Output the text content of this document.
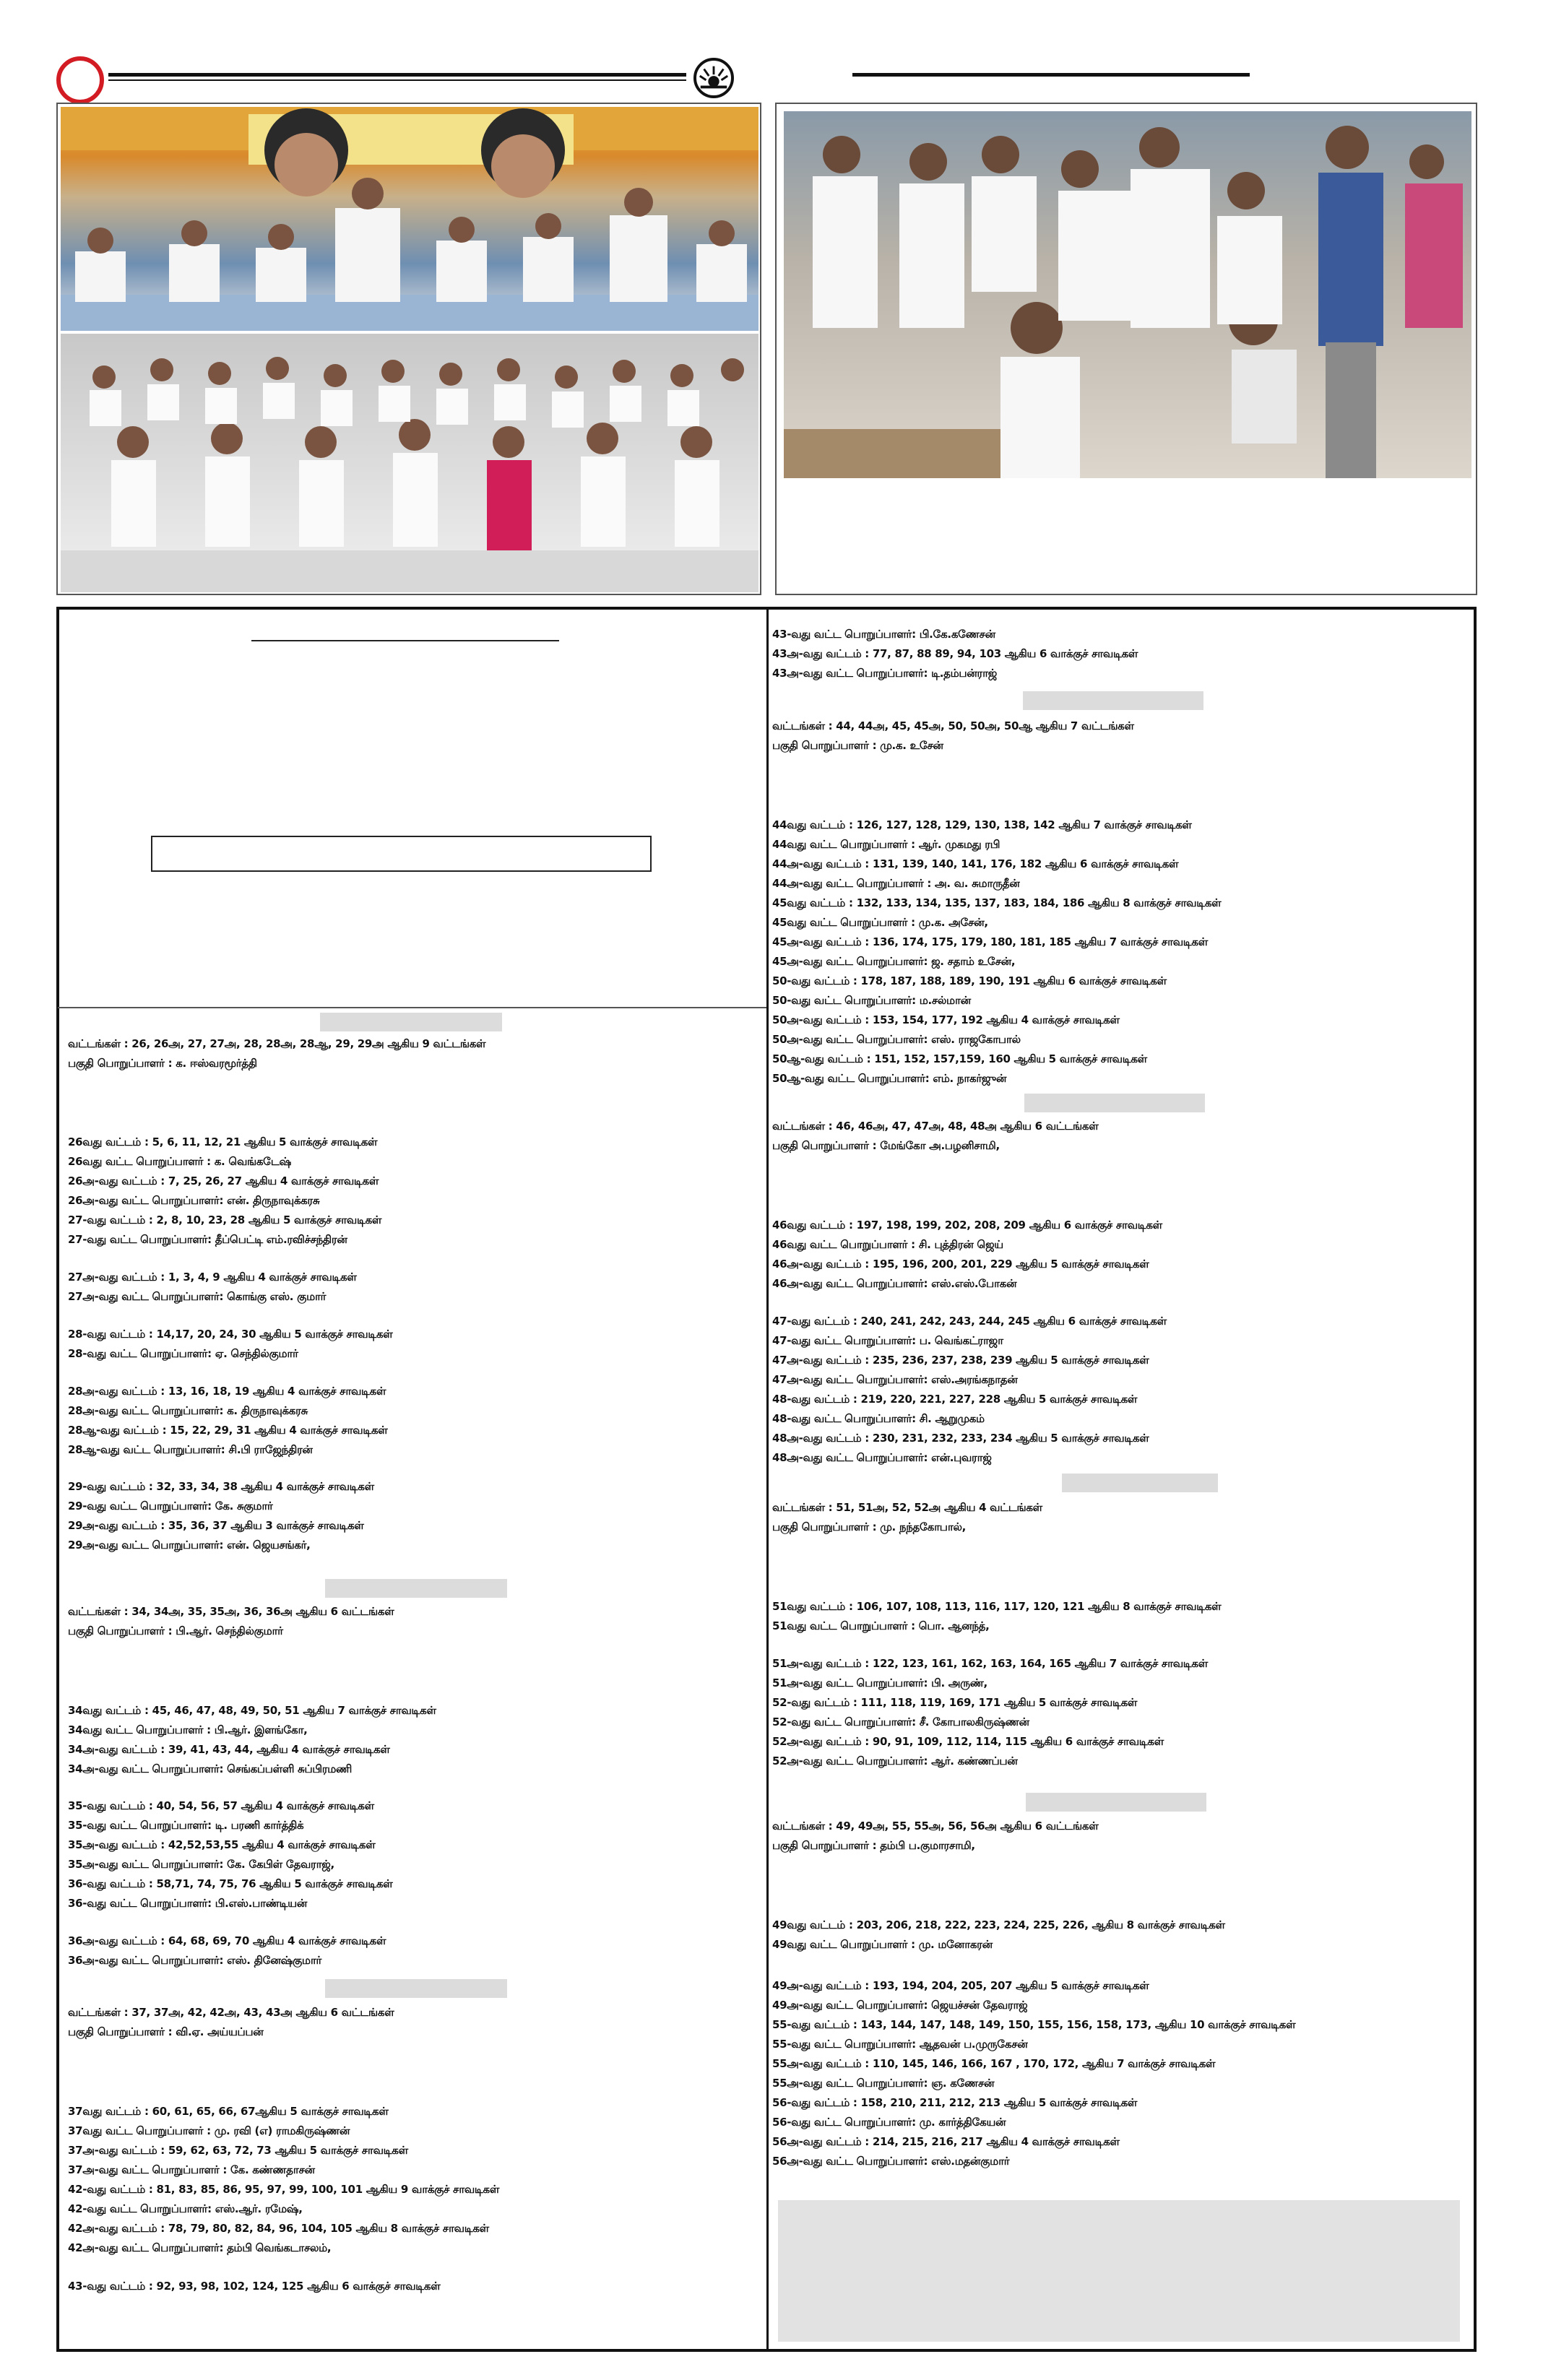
வட்டங்கள் : 26, 26அ, 27, 27அ, 28, 28அ, 28ஆ, 29, 29அ ஆகிய 9 வட்டங்கள்
பகுதி பொறுப்பாளர் : க. ஈஸ்வரமூர்த்தி
26வது வட்டம் : 5, 6, 11, 12, 21 ஆகிய 5 வாக்குச் சாவடிகள்
26வது வட்ட பொறுப்பாளர் : க. வெங்கடேஷ்
26அ-வது வட்டம் : 7, 25, 26, 27 ஆகிய 4 வாக்குச் சாவடிகள்
26அ-வது வட்ட பொறுப்பாளர்: என். திருநாவுக்கரசு
27-வது வட்டம் : 2, 8, 10, 23, 28 ஆகிய 5 வாக்குச் சாவடிகள்
27-வது வட்ட பொறுப்பாளர்: தீப்பெட்டி எம்.ரவிச்சந்திரன்
27அ-வது வட்டம் : 1, 3, 4, 9 ஆகிய 4 வாக்குச் சாவடிகள்
27அ-வது வட்ட பொறுப்பாளர்: கொங்கு எஸ். குமார்
28-வது வட்டம் : 14,17, 20, 24, 30 ஆகிய 5 வாக்குச் சாவடிகள்
28-வது வட்ட பொறுப்பாளர்: ஏ. செந்தில்குமார்
28அ-வது வட்டம் : 13, 16, 18, 19 ஆகிய 4 வாக்குச் சாவடிகள்
28அ-வது வட்ட பொறுப்பாளர்: க. திருநாவுக்கரசு
28ஆ-வது வட்டம் : 15, 22, 29, 31 ஆகிய 4 வாக்குச் சாவடிகள்
28ஆ-வது வட்ட பொறுப்பாளர்: சி.பி ராஜேந்திரன்
29-வது வட்டம் : 32, 33, 34, 38 ஆகிய 4 வாக்குச் சாவடிகள்
29-வது வட்ட பொறுப்பாளர்: கே. சுகுமார்
29அ-வது வட்டம் : 35, 36, 37 ஆகிய 3 வாக்குச் சாவடிகள்
29அ-வது வட்ட பொறுப்பாளர்: என். ஜெயசங்கர்,
வட்டங்கள் : 34, 34அ, 35, 35அ, 36, 36அ ஆகிய 6 வட்டங்கள்
பகுதி பொறுப்பாளர் : பி.ஆர். செந்தில்குமார்
34வது வட்டம் : 45, 46, 47, 48, 49, 50, 51 ஆகிய 7 வாக்குச் சாவடிகள்
34வது வட்ட பொறுப்பாளர் : பி.ஆர். இளங்கோ,
34அ-வது வட்டம் : 39, 41, 43, 44, ஆகிய 4 வாக்குச் சாவடிகள்
34அ-வது வட்ட பொறுப்பாளர்: செங்கப்பள்ளி சுப்பிரமணி
35-வது வட்டம் : 40, 54, 56, 57 ஆகிய 4 வாக்குச் சாவடிகள்
35-வது வட்ட பொறுப்பாளர்: டி. பரணி கார்த்திக்
35அ-வது வட்டம் : 42,52,53,55 ஆகிய 4 வாக்குச் சாவடிகள்
35அ-வது வட்ட பொறுப்பாளர்: கே. கேபிள் தேவராஜ்,
36-வது வட்டம் : 58,71, 74, 75, 76 ஆகிய 5 வாக்குச் சாவடிகள்
36-வது வட்ட பொறுப்பாளர்: பி.எஸ்.பாண்டியன்
36அ-வது வட்டம் : 64, 68, 69, 70 ஆகிய 4 வாக்குச் சாவடிகள்
36அ-வது வட்ட பொறுப்பாளர்: எஸ். தினேஷ்குமார்
வட்டங்கள் : 37, 37அ, 42, 42அ, 43, 43அ ஆகிய 6 வட்டங்கள்
பகுதி பொறுப்பாளர் : வி.ஏ. அய்யப்பன்
37வது வட்டம் : 60, 61, 65, 66, 67ஆகிய 5 வாக்குச் சாவடிகள்
37வது வட்ட பொறுப்பாளர் : மு. ரவி (எ) ராமகிருஷ்ணன்
37அ-வது வட்டம் : 59, 62, 63, 72, 73 ஆகிய 5 வாக்குச் சாவடிகள்
37அ-வது வட்ட பொறுப்பாளர் : கே. கண்ணதாசன்
42-வது வட்டம் : 81, 83, 85, 86, 95, 97, 99, 100, 101 ஆகிய 9 வாக்குச் சாவடிகள்
42-வது வட்ட பொறுப்பாளர்: எஸ்.ஆர். ரமேஷ்,
42அ-வது வட்டம் : 78, 79, 80, 82, 84, 96, 104, 105 ஆகிய 8 வாக்குச் சாவடிகள்
42அ-வது வட்ட பொறுப்பாளர்: தம்பி வெங்கடாசலம்,
43-வது வட்டம் : 92, 93, 98, 102, 124, 125 ஆகிய 6 வாக்குச் சாவடிகள்
43-வது வட்ட பொறுப்பாளர்: பி.கே.கணேசன்
43அ-வது வட்டம் : 77, 87, 88 89, 94, 103 ஆகிய 6 வாக்குச் சாவடிகள்
43அ-வது வட்ட பொறுப்பாளர்: டி.தம்பன்ராஜ்
வட்டங்கள் : 44, 44அ, 45, 45அ, 50, 50அ, 50ஆ ஆகிய 7 வட்டங்கள்
பகுதி பொறுப்பாளர் : மு.க. உசேன்
44வது வட்டம் : 126, 127, 128, 129, 130, 138, 142 ஆகிய 7 வாக்குச் சாவடிகள்
44வது வட்ட பொறுப்பாளர் : ஆர். முகமது ரபி
44அ-வது வட்டம் : 131, 139, 140, 141, 176, 182 ஆகிய 6 வாக்குச் சாவடிகள்
44அ-வது வட்ட பொறுப்பாளர் : அ. வ. சுமாருதீன்
45வது வட்டம் : 132, 133, 134, 135, 137, 183, 184, 186 ஆகிய 8 வாக்குச் சாவடிகள்
45வது வட்ட பொறுப்பாளர் : மு.க. அசேன்,
45அ-வது வட்டம் : 136, 174, 175, 179, 180, 181, 185 ஆகிய 7 வாக்குச் சாவடிகள்
45அ-வது வட்ட பொறுப்பாளர்: ஜ. சதாம் உசேன்,
50-வது வட்டம் : 178, 187, 188, 189, 190, 191 ஆகிய 6 வாக்குச் சாவடிகள்
50-வது வட்ட பொறுப்பாளர்: ம.சல்மான்
50அ-வது வட்டம் : 153, 154, 177, 192 ஆகிய 4 வாக்குச் சாவடிகள்
50அ-வது வட்ட பொறுப்பாளர்: எஸ். ராஜகோபால்
50ஆ-வது வட்டம் : 151, 152, 157,159, 160 ஆகிய 5 வாக்குச் சாவடிகள்
50ஆ-வது வட்ட பொறுப்பாளர்: எம். நாகர்ஜுன்
வட்டங்கள் : 46, 46அ, 47, 47அ, 48, 48அ ஆகிய 6 வட்டங்கள்
பகுதி பொறுப்பாளர் : மேங்கோ அ.பழனிசாமி,
46வது வட்டம் : 197, 198, 199, 202, 208, 209 ஆகிய 6 வாக்குச் சாவடிகள்
46வது வட்ட பொறுப்பாளர் : சி. புத்திரன் ஜெய்
46அ-வது வட்டம் : 195, 196, 200, 201, 229 ஆகிய 5 வாக்குச் சாவடிகள்
46அ-வது வட்ட பொறுப்பாளர்: எஸ்.எஸ்.போகன்
47-வது வட்டம் : 240, 241, 242, 243, 244, 245 ஆகிய 6 வாக்குச் சாவடிகள்
47-வது வட்ட பொறுப்பாளர்: ப. வெங்கட்ராஜா
47அ-வது வட்டம் : 235, 236, 237, 238, 239 ஆகிய 5 வாக்குச் சாவடிகள்
47அ-வது வட்ட பொறுப்பாளர்: எஸ்.அரங்கநாதன்
48-வது வட்டம் : 219, 220, 221, 227, 228 ஆகிய 5 வாக்குச் சாவடிகள்
48-வது வட்ட பொறுப்பாளர்: சி. ஆறுமுகம்
48அ-வது வட்டம் : 230, 231, 232, 233, 234 ஆகிய 5 வாக்குச் சாவடிகள்
48அ-வது வட்ட பொறுப்பாளர்: என்.புவராஜ்
வட்டங்கள் : 51, 51அ, 52, 52அ ஆகிய 4 வட்டங்கள்
பகுதி பொறுப்பாளர் : மு. நந்தகோபால்,
51வது வட்டம் : 106, 107, 108, 113, 116, 117, 120, 121 ஆகிய 8 வாக்குச் சாவடிகள்
51வது வட்ட பொறுப்பாளர் : பொ. ஆனந்த்,
51அ-வது வட்டம் : 122, 123, 161, 162, 163, 164, 165 ஆகிய 7 வாக்குச் சாவடிகள்
51அ-வது வட்ட பொறுப்பாளர்: பி. அருண்,
52-வது வட்டம் : 111, 118, 119, 169, 171 ஆகிய 5 வாக்குச் சாவடிகள்
52-வது வட்ட பொறுப்பாளர்: சீ. கோபாலகிருஷ்ணன்
52அ-வது வட்டம் : 90, 91, 109, 112, 114, 115 ஆகிய 6 வாக்குச் சாவடிகள்
52அ-வது வட்ட பொறுப்பாளர்: ஆர். கண்ணப்பன்
வட்டங்கள் : 49, 49அ, 55, 55அ, 56, 56அ ஆகிய 6 வட்டங்கள்
பகுதி பொறுப்பாளர் : தம்பி ப.குமாரசாமி,
49வது வட்டம் : 203, 206, 218, 222, 223, 224, 225, 226, ஆகிய 8 வாக்குச் சாவடிகள்
49வது வட்ட பொறுப்பாளர் : மு. மனோகரன்
49அ-வது வட்டம் : 193, 194, 204, 205, 207 ஆகிய 5 வாக்குச் சாவடிகள்
49அ-வது வட்ட பொறுப்பாளர்: ஜெயச்சன் தேவராஜ்
55-வது வட்டம் : 143, 144, 147, 148, 149, 150, 155, 156, 158, 173, ஆகிய 10 வாக்குச் சாவடிகள்
55-வது வட்ட பொறுப்பாளர்: ஆதவன் ப.முருகேசன்
55அ-வது வட்டம் : 110, 145, 146, 166, 167 , 170, 172, ஆகிய 7 வாக்குச் சாவடிகள்
55அ-வது வட்ட பொறுப்பாளர்: ஞ. கணேசன்
56-வது வட்டம் : 158, 210, 211, 212, 213 ஆகிய 5 வாக்குச் சாவடிகள்
56-வது வட்ட பொறுப்பாளர்: மு. கார்த்திகேயன்
56அ-வது வட்டம் : 214, 215, 216, 217 ஆகிய 4 வாக்குச் சாவடிகள்
56அ-வது வட்ட பொறுப்பாளர்: எஸ்.மதன்குமார்
